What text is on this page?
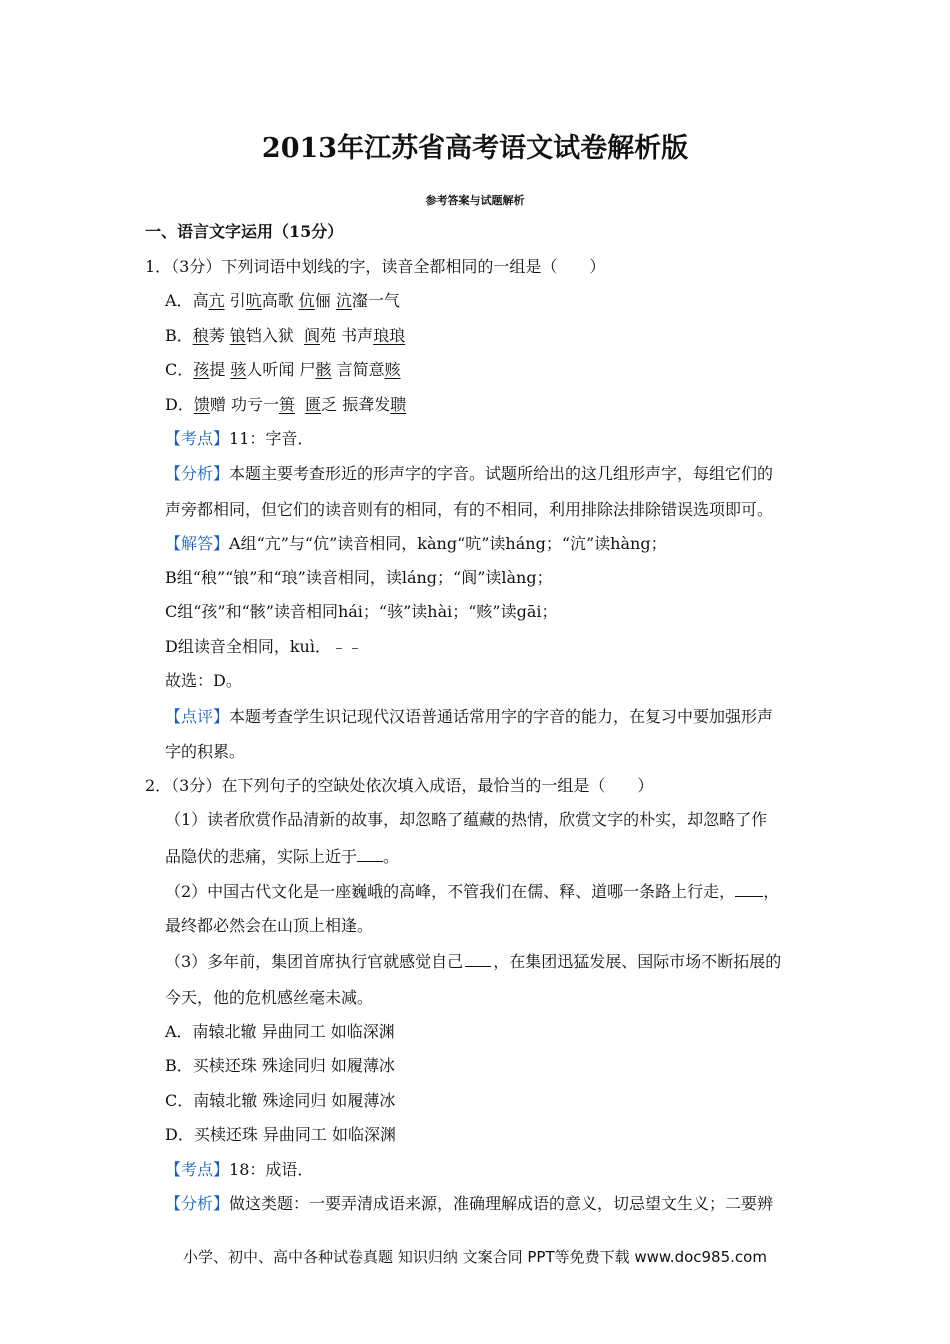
2013年江苏省高考语文试卷解析版
参考答案与试题解析
一、语言文字运用（15分）
1．（3分）下列词语中划线的字，读音全都相同的一组是（　　）
A．高亢 引吭高歌 伉俪 沆瀣一气
B．稂莠 锒铛入狱  阆苑 书声琅琅
C．孩提 骇人听闻 尸骸 言简意赅
D．馈赠 功亏一篑 匮乏 振聋发聩
【考点】11：字音．
【分析】本题主要考查形近的形声字的字音。试题所给出的这几组形声字，每组它们的
声旁都相同，但它们的读音则有的相同，有的不相同，利用排除法排除错误选项即可。
【解答】A组“亢”与“伉”读音相同，kàng“吭”读háng；“沆”读hàng；
B组“稂”“锒”和“琅”读音相同，读láng；“阆”读làng；
C组“孩”和“骸”读音相同hái；“骇”读hài；“赅”读gāi；
D组读音全相同，kuì．﹣﹣
故选：D。
【点评】本题考查学生识记现代汉语普通话常用字的字音的能力，在复习中要加强形声
字的积累。
2．（3分）在下列句子的空缺处依次填入成语，最恰当的一组是（　　）
（1）读者欣赏作品清新的故事，却忽略了蕴藏的热情，欣赏文字的朴实，却忽略了作
品隐伏的悲痛，实际上近于 。
（2）中国古代文化是一座巍峨的高峰，不管我们在儒、释、道哪一条路上行走， ，
最终都必然会在山顶上相逢。
（3）多年前，集团首席执行官就感觉自己 ，在集团迅猛发展、国际市场不断拓展的
今天，他的危机感丝毫未减。
A．南辕北辙 异曲同工 如临深渊
B．买椟还珠 殊途同归 如履薄冰
C．南辕北辙 殊途同归 如履薄冰
D．买椟还珠 异曲同工 如临深渊
【考点】18：成语．
【分析】做这类题：一要弄清成语来源，准确理解成语的意义，切忌望文生义；二要辨
小学、初中、高中各种试卷真题 知识归纳 文案合同 PPT等免费下载 www.doc985.com
